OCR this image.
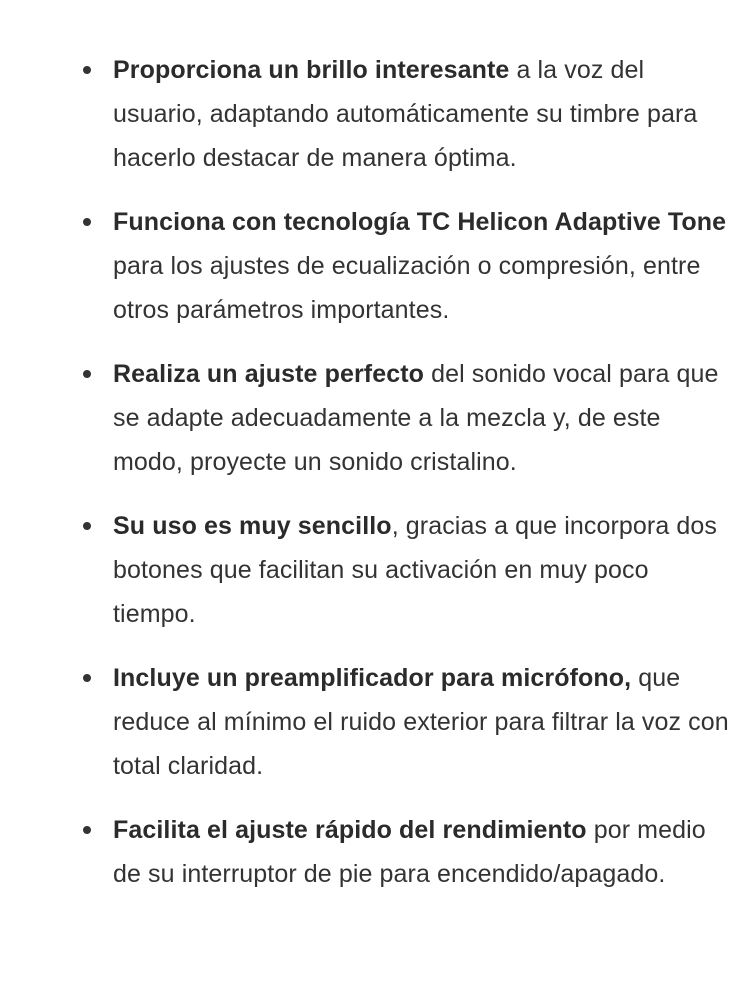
Proporciona un brillo interesante a la voz del usuario, adaptando automáticamente su timbre para hacerlo destacar de manera óptima.
Funciona con tecnología TC Helicon Adaptive Tone para los ajustes de ecualización o compresión, entre otros parámetros importantes.
Realiza un ajuste perfecto del sonido vocal para que se adapte adecuadamente a la mezcla y, de este modo, proyecte un sonido cristalino.
Su uso es muy sencillo, gracias a que incorpora dos botones que facilitan su activación en muy poco tiempo.
Incluye un preamplificador para micrófono, que reduce al mínimo el ruido exterior para filtrar la voz con total claridad.
Facilita el ajuste rápido del rendimiento por medio de su interruptor de pie para encendido/apagado.
